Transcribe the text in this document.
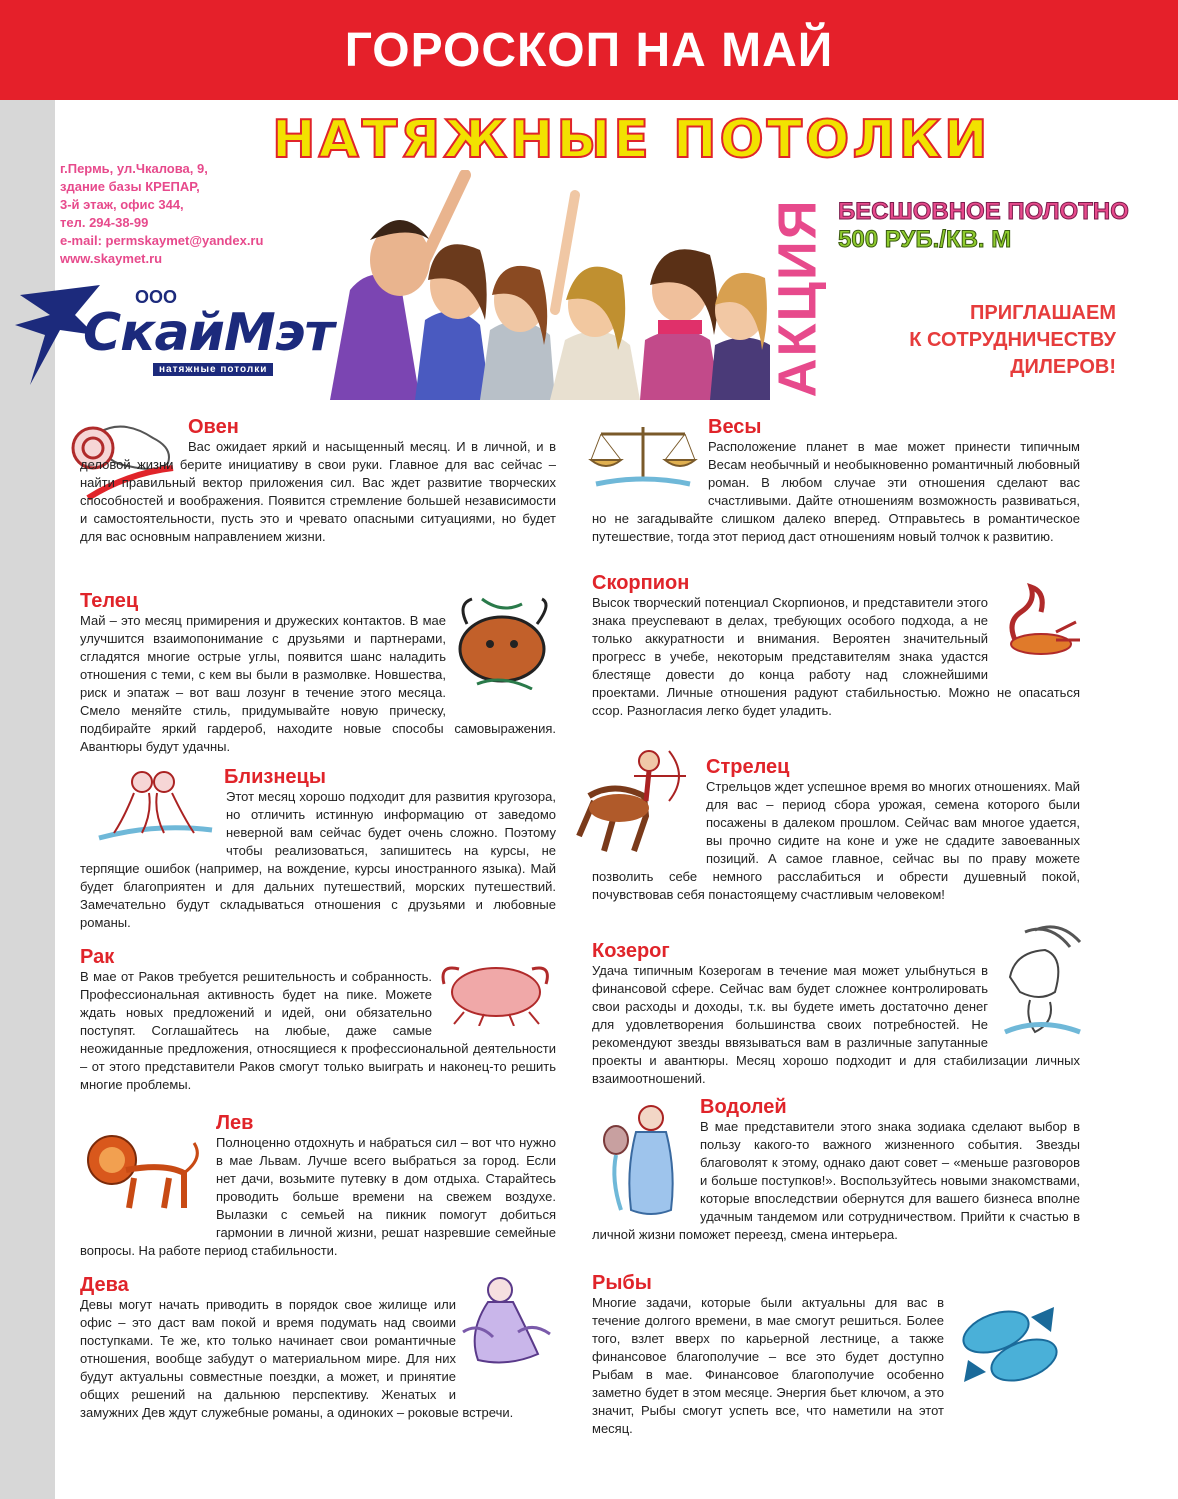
ГОРОСКОП НА МАЙ
НАТЯЖНЫЕ ПОТОЛКИ
г.Пермь, ул.Чкалова, 9,
здание базы КРЕПАР,
3-й этаж, офис 344,
тел. 294-38-99
e-mail: permskaymet@yandex.ru
www.skaymet.ru
ООО
СкайМэт
натяжные потолки	АКЦИЯ БЕСШОВНОЕ ПОЛОТНО
500 РУБ./КВ. М
ПРИГЛАШАЕМ
К СОТРУДНИЧЕСТВУ
ДИЛЕРОВ!
Овен

Вас ожидает яркий и насыщенный месяц. И в личной, и в деловой жизни берите инициативу в свои руки. Главное для вас сейчас – найти правильный вектор приложения сил. Вас ждет развитие творческих способностей и воображения. Появится стремление большей независимости и самостоятельности, пусть это и чревато опасными ситуациями, но будет для вас основным направлением жизни.

Телец

Май – это месяц примирения и дружеских контактов. В мае улучшится взаимопонимание с друзьями и партнерами, сгладятся многие острые углы, появится шанс наладить отношения с теми, с кем вы были в размолвке. Новшества, риск и эпатаж – вот ваш лозунг в течение этого месяца. Смело меняйте стиль, придумывайте новую прическу, подбирайте яркий гардероб, находите новые способы самовыражения. Авантюры будут удачны.

Близнецы

Этот месяц хорошо подходит для развития кругозора, но отличить истинную информацию от заведомо неверной вам сейчас будет очень сложно. Поэтому чтобы реализоваться, запишитесь на курсы, не терпящие ошибок (например, на вождение, курсы иностранного языка). Май будет благоприятен и для дальних путешествий, морских путешествий. Замечательно будут складываться отношения с друзьями и любовные романы.

Рак

В мае от Раков требуется решительность и собранность. Профессиональная активность будет на пике. Можете ждать новых предложений и идей, они обязательно поступят. Соглашайтесь на любые, даже самые неожиданные предложения, относящиеся к профессиональной деятельности – от этого представители Раков смогут только выиграть и наконец-то решить многие проблемы.

Лев

Полноценно отдохнуть и набраться сил – вот что нужно в мае Львам. Лучше всего выбраться за город. Если нет дачи, возьмите путевку в дом отдыха. Старайтесь проводить больше времени на свежем воздухе. Вылазки с семьей на пикник помогут добиться гармонии в личной жизни, решат назревшие семейные вопросы. На работе период стабильности.

Дева

Девы могут начать приводить в порядок свое жилище или офис – это даст вам покой и время подумать над своими поступками. Те же, кто только начинает свои романтичные отношения, вообще забудут о материальном мире. Для них будут актуальны совместные поездки, а может, и принятие общих решений на дальнюю перспективу. Женатых и замужних Дев ждут служебные романы, а одиноких – роковые встречи.

Весы

Расположение планет в мае может принести типичным Весам необычный и необыкновенно романтичный любовный роман. В любом случае эти отношения сделают вас счастливыми. Дайте отношениям возможность развиваться, но не загадывайте слишком далеко вперед. Отправьтесь в романтическое путешествие, тогда этот период даст отношениям новый толчок к развитию.

Скорпион

Высок творческий потенциал Скорпионов, и представители этого знака преуспевают в делах, требующих особого подхода, а не только аккуратности и внимания. Вероятен значительный прогресс в учебе, некоторым представителям знака удастся блестяще довести до конца работу над сложнейшими проектами. Личные отношения радуют стабильностью. Можно не опасаться ссор. Разногласия легко будет уладить.

Стрелец

Стрельцов ждет успешное время во многих отношениях. Май для вас – период сбора урожая, семена которого были посажены в далеком прошлом. Сейчас вам многое удается, вы прочно сидите на коне и уже не сдадите завоеванных позиций. А самое главное, сейчас вы по праву можете позволить себе немного расслабиться и обрести душевный покой, почувствовав себя понастоящему счастливым человеком!

Козерог

Удача типичным Козерогам в течение мая может улыбнуться в финансовой сфере. Сейчас вам будет сложнее контролировать свои расходы и доходы, т.к. вы будете иметь достаточно денег для удовлетворения большинства своих потребностей. Не рекомендуют звезды ввязываться вам в различные запутанные проекты и авантюры. Месяц хорошо подходит и для стабилизации личных взаимоотношений.

Водолей

В мае представители этого знака зодиака сделают выбор в пользу какого-то важного жизненного события. Звезды благоволят к этому, однако дают совет – «меньше разговоров и больше поступков!». Воспользуйтесь новыми знакомствами, которые впоследствии обернутся для вашего бизнеса вполне удачным тандемом или сотрудничеством. Прийти к счастью в личной жизни поможет переезд, смена интерьера.

Рыбы

Многие задачи, которые были актуальны для вас в течение долгого времени, в мае смогут решиться. Более того, взлет вверх по карьерной лестнице, а также финансовое благополучие – все это будет доступно Рыбам в мае. Финансовое благополучие особенно заметно будет в этом месяце. Энергия бьет ключом, а это значит, Рыбы смогут успеть все, что наметили на этот месяц.
